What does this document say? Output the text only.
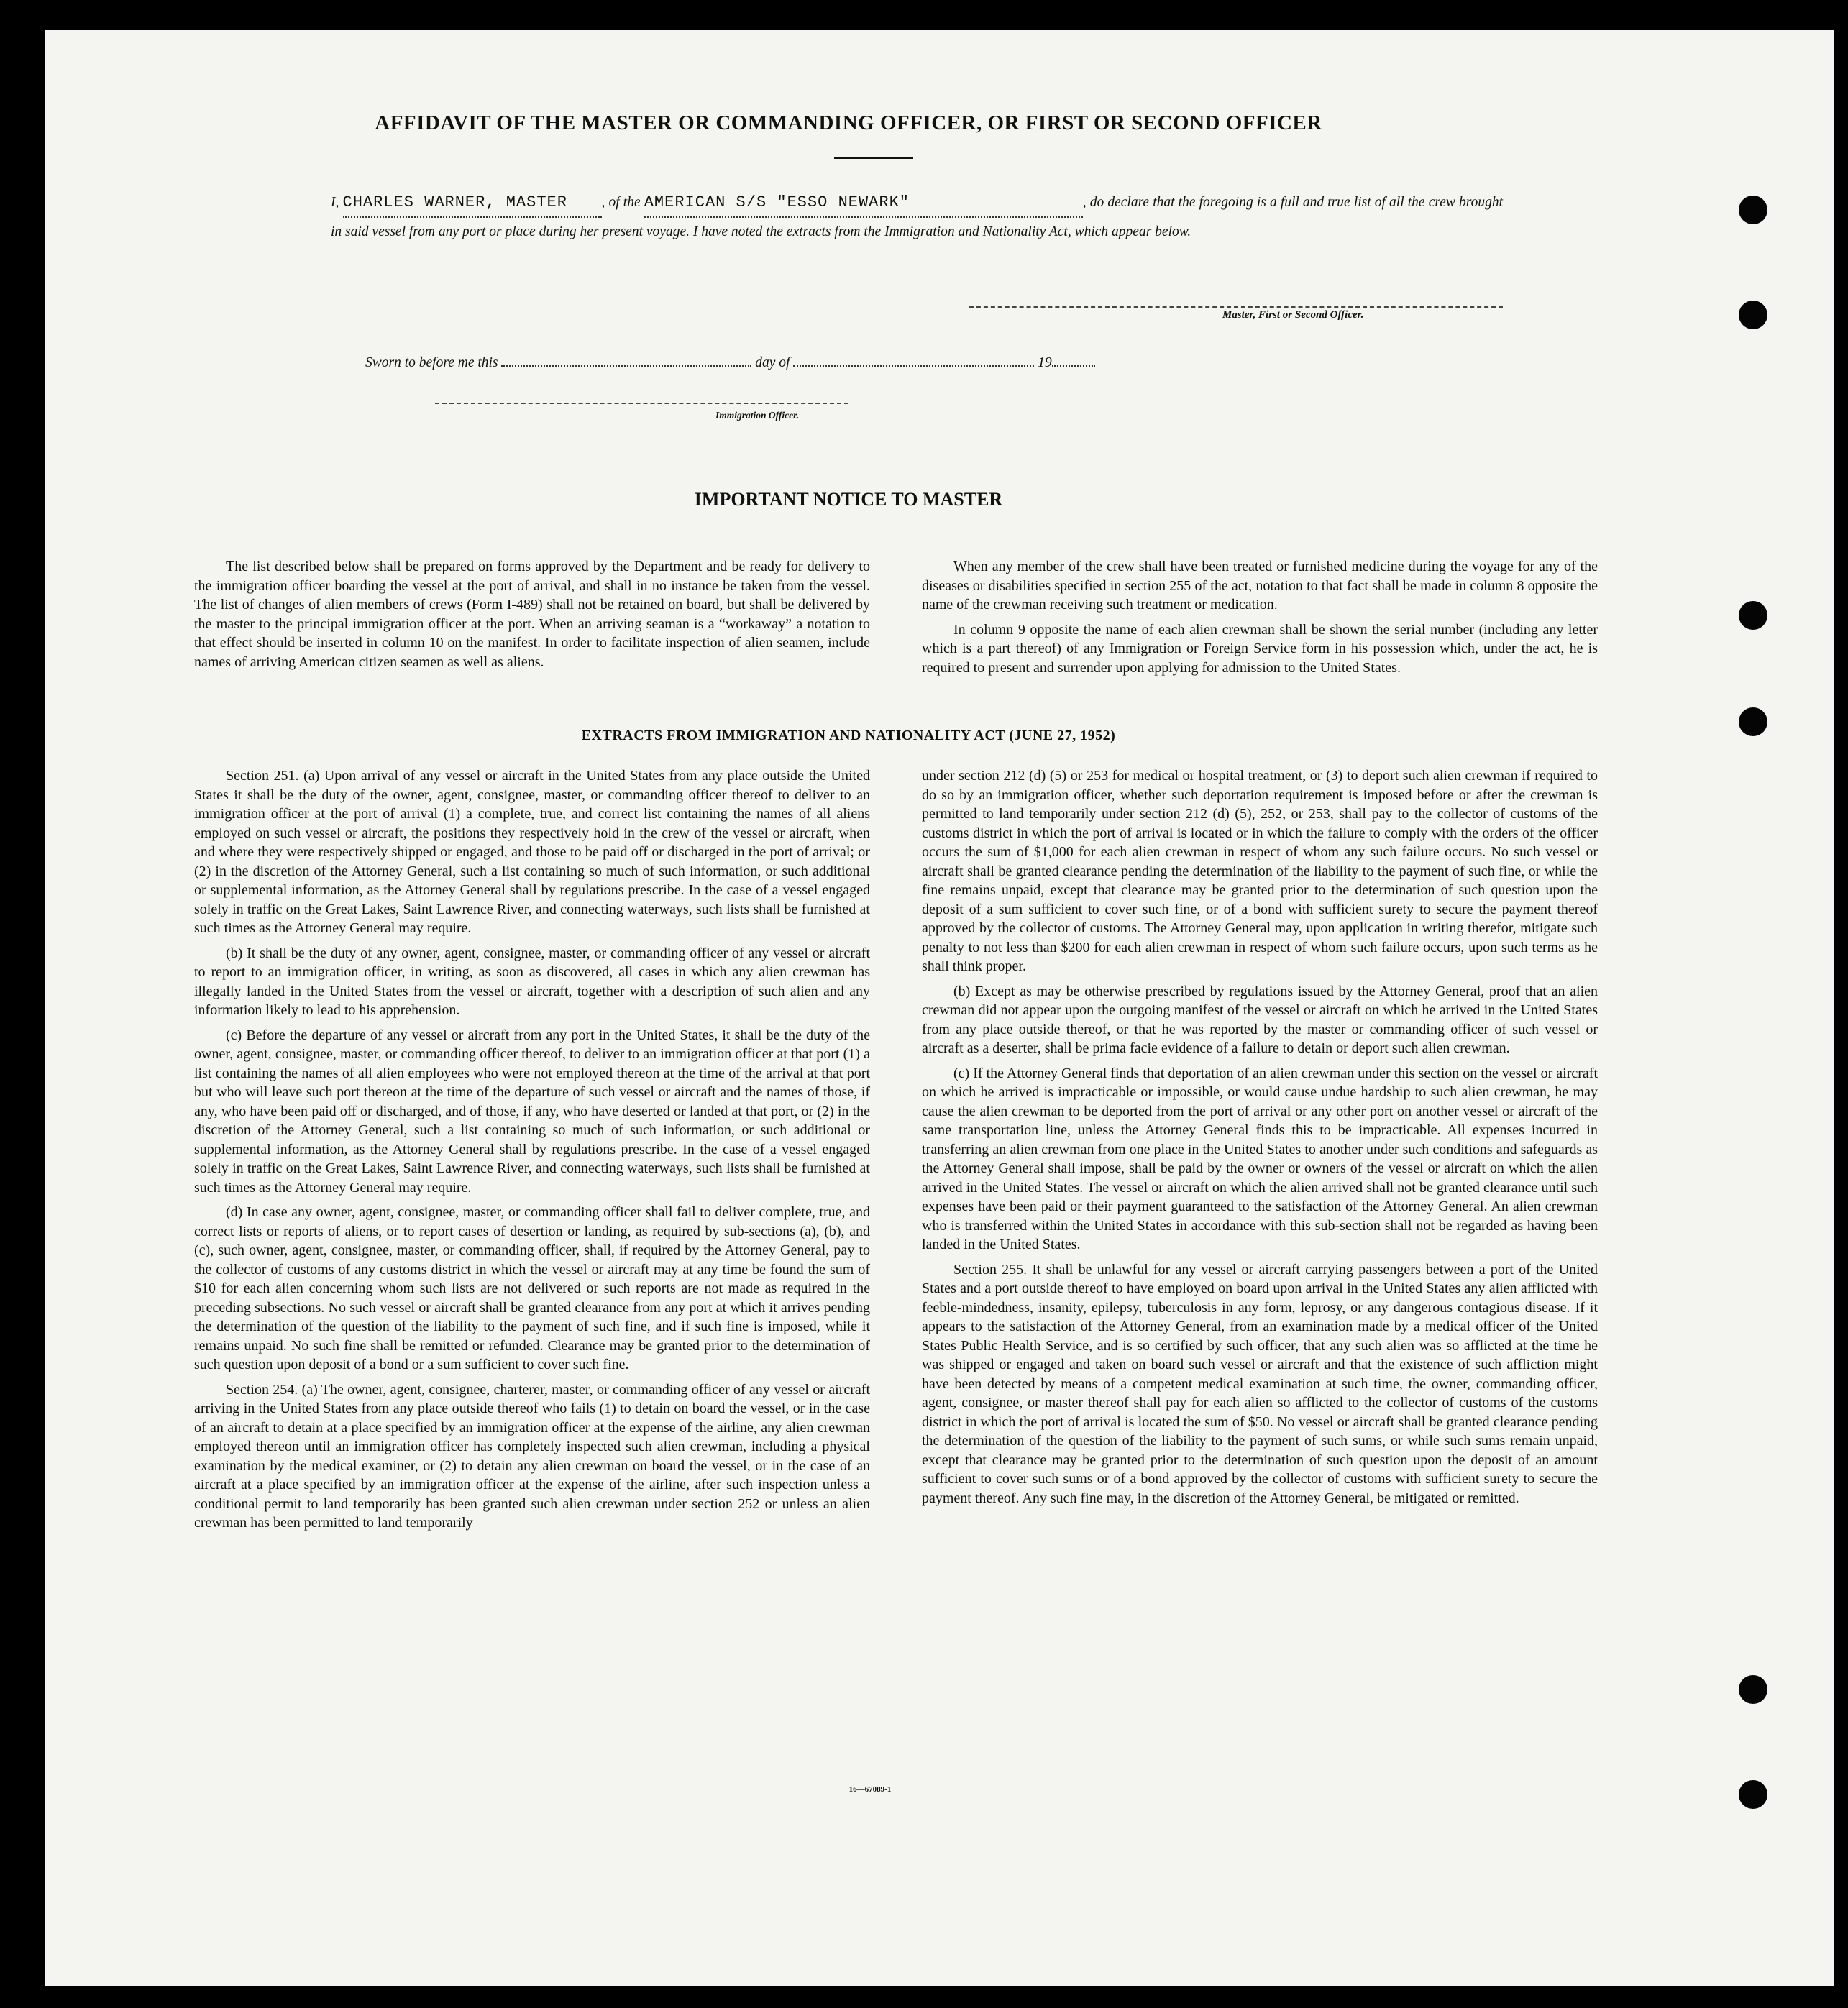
AFFIDAVIT OF THE MASTER OR COMMANDING OFFICER, OR FIRST OR SECOND OFFICER
I, CHARLES WARNER, MASTER , of the AMERICAN S/S "ESSO NEWARK"	, do declare that the foregoing is a full and true list of all the crew brought in said vessel from any port or place during her present voyage. I have noted the extracts from the Immigration and Nationality Act, which appear below.
Master, First or Second Officer.
Sworn to before me this	day of	19
Immigration Officer.
IMPORTANT NOTICE TO MASTER

The list described below shall be prepared on forms approved by the Department and be ready for delivery to the immigration officer boarding the vessel at the port of arrival, and shall in no instance be taken from the vessel. The list of changes of alien members of crews (Form I-489) shall not be retained on board, but shall be delivered by the master to the principal immigration officer at the port. When an arriving seaman is a “workaway” a notation to that effect should be inserted in column 10 on the manifest. In order to facilitate inspection of alien seamen, include names of arriving American citizen seamen as well as aliens.

When any member of the crew shall have been treated or furnished medicine during the voyage for any of the diseases or disabilities specified in section 255 of the act, notation to that fact shall be made in column 8 opposite the name of the crewman receiving such treatment or medication.

In column 9 opposite the name of each alien crewman shall be shown the serial number (including any letter which is a part thereof) of any Immigration or Foreign Service form in his possession which, under the act, he is required to present and surrender upon applying for admission to the United States.

EXTRACTS FROM IMMIGRATION AND NATIONALITY ACT (JUNE 27, 1952)

Section 251. (a) Upon arrival of any vessel or aircraft in the United States from any place outside the United States it shall be the duty of the owner, agent, consignee, master, or commanding officer thereof to deliver to an immigration officer at the port of arrival (1) a complete, true, and correct list containing the names of all aliens employed on such vessel or aircraft, the positions they respectively hold in the crew of the vessel or aircraft, when and where they were respectively shipped or engaged, and those to be paid off or discharged in the port of arrival; or (2) in the discretion of the Attorney General, such a list containing so much of such information, or such additional or supplemental information, as the Attorney General shall by regulations prescribe. In the case of a vessel engaged solely in traffic on the Great Lakes, Saint Lawrence River, and connecting waterways, such lists shall be furnished at such times as the Attorney General may require.

(b) It shall be the duty of any owner, agent, consignee, master, or commanding officer of any vessel or aircraft to report to an immigration officer, in writing, as soon as discovered, all cases in which any alien crewman has illegally landed in the United States from the vessel or aircraft, together with a description of such alien and any information likely to lead to his apprehension.

(c) Before the departure of any vessel or aircraft from any port in the United States, it shall be the duty of the owner, agent, consignee, master, or commanding officer thereof, to deliver to an immigration officer at that port (1) a list containing the names of all alien employees who were not employed thereon at the time of the arrival at that port but who will leave such port thereon at the time of the departure of such vessel or aircraft and the names of those, if any, who have been paid off or discharged, and of those, if any, who have deserted or landed at that port, or (2) in the discretion of the Attorney General, such a list containing so much of such information, or such additional or supplemental information, as the Attorney General shall by regulations prescribe. In the case of a vessel engaged solely in traffic on the Great Lakes, Saint Lawrence River, and connecting waterways, such lists shall be furnished at such times as the Attorney General may require.

(d) In case any owner, agent, consignee, master, or commanding officer shall fail to deliver complete, true, and correct lists or reports of aliens, or to report cases of desertion or landing, as required by sub-sections (a), (b), and (c), such owner, agent, consignee, master, or commanding officer, shall, if required by the Attorney General, pay to the collector of customs of any customs district in which the vessel or aircraft may at any time be found the sum of $10 for each alien concerning whom such lists are not delivered or such reports are not made as required in the preceding subsections. No such vessel or aircraft shall be granted clearance from any port at which it arrives pending the determination of the question of the liability to the payment of such fine, and if such fine is imposed, while it remains unpaid. No such fine shall be remitted or refunded. Clearance may be granted prior to the determination of such question upon deposit of a bond or a sum sufficient to cover such fine.

Section 254. (a) The owner, agent, consignee, charterer, master, or commanding officer of any vessel or aircraft arriving in the United States from any place outside thereof who fails (1) to detain on board the vessel, or in the case of an aircraft to detain at a place specified by an immigration officer at the expense of the airline, any alien crewman employed thereon until an immigration officer has completely inspected such alien crewman, including a physical examination by the medical examiner, or (2) to detain any alien crewman on board the vessel, or in the case of an aircraft at a place specified by an immigration officer at the expense of the airline, after such inspection unless a conditional permit to land temporarily has been granted such alien crewman under section 252 or unless an alien crewman has been permitted to land temporarily

under section 212 (d) (5) or 253 for medical or hospital treatment, or (3) to deport such alien crewman if required to do so by an immigration officer, whether such deportation requirement is imposed before or after the crewman is permitted to land temporarily under section 212 (d) (5), 252, or 253, shall pay to the collector of customs of the customs district in which the port of arrival is located or in which the failure to comply with the orders of the officer occurs the sum of $1,000 for each alien crewman in respect of whom any such failure occurs. No such vessel or aircraft shall be granted clearance pending the determination of the liability to the payment of such fine, or while the fine remains unpaid, except that clearance may be granted prior to the determination of such question upon the deposit of a sum sufficient to cover such fine, or of a bond with sufficient surety to secure the payment thereof approved by the collector of customs. The Attorney General may, upon application in writing therefor, mitigate such penalty to not less than $200 for each alien crewman in respect of whom such failure occurs, upon such terms as he shall think proper.

(b) Except as may be otherwise prescribed by regulations issued by the Attorney General, proof that an alien crewman did not appear upon the outgoing manifest of the vessel or aircraft on which he arrived in the United States from any place outside thereof, or that he was reported by the master or commanding officer of such vessel or aircraft as a deserter, shall be prima facie evidence of a failure to detain or deport such alien crewman.

(c) If the Attorney General finds that deportation of an alien crewman under this section on the vessel or aircraft on which he arrived is impracticable or impossible, or would cause undue hardship to such alien crewman, he may cause the alien crewman to be deported from the port of arrival or any other port on another vessel or aircraft of the same transportation line, unless the Attorney General finds this to be impracticable. All expenses incurred in transferring an alien crewman from one place in the United States to another under such conditions and safeguards as the Attorney General shall impose, shall be paid by the owner or owners of the vessel or aircraft on which the alien arrived in the United States. The vessel or aircraft on which the alien arrived shall not be granted clearance until such expenses have been paid or their payment guaranteed to the satisfaction of the Attorney General. An alien crewman who is transferred within the United States in accordance with this sub-section shall not be regarded as having been landed in the United States.

Section 255. It shall be unlawful for any vessel or aircraft carrying passengers between a port of the United States and a port outside thereof to have employed on board upon arrival in the United States any alien afflicted with feeble-mindedness, insanity, epilepsy, tuberculosis in any form, leprosy, or any dangerous contagious disease. If it appears to the satisfaction of the Attorney General, from an examination made by a medical officer of the United States Public Health Service, and is so certified by such officer, that any such alien was so afflicted at the time he was shipped or engaged and taken on board such vessel or aircraft and that the existence of such affliction might have been detected by means of a competent medical examination at such time, the owner, commanding officer, agent, consignee, or master thereof shall pay for each alien so afflicted to the collector of customs of the customs district in which the port of arrival is located the sum of $50. No vessel or aircraft shall be granted clearance pending the determination of the question of the liability to the payment of such sums, or while such sums remain unpaid, except that clearance may be granted prior to the determination of such question upon the deposit of an amount sufficient to cover such sums or of a bond approved by the collector of customs with sufficient surety to secure the payment thereof. Any such fine may, in the discretion of the Attorney General, be mitigated or remitted.

16—67089-1
